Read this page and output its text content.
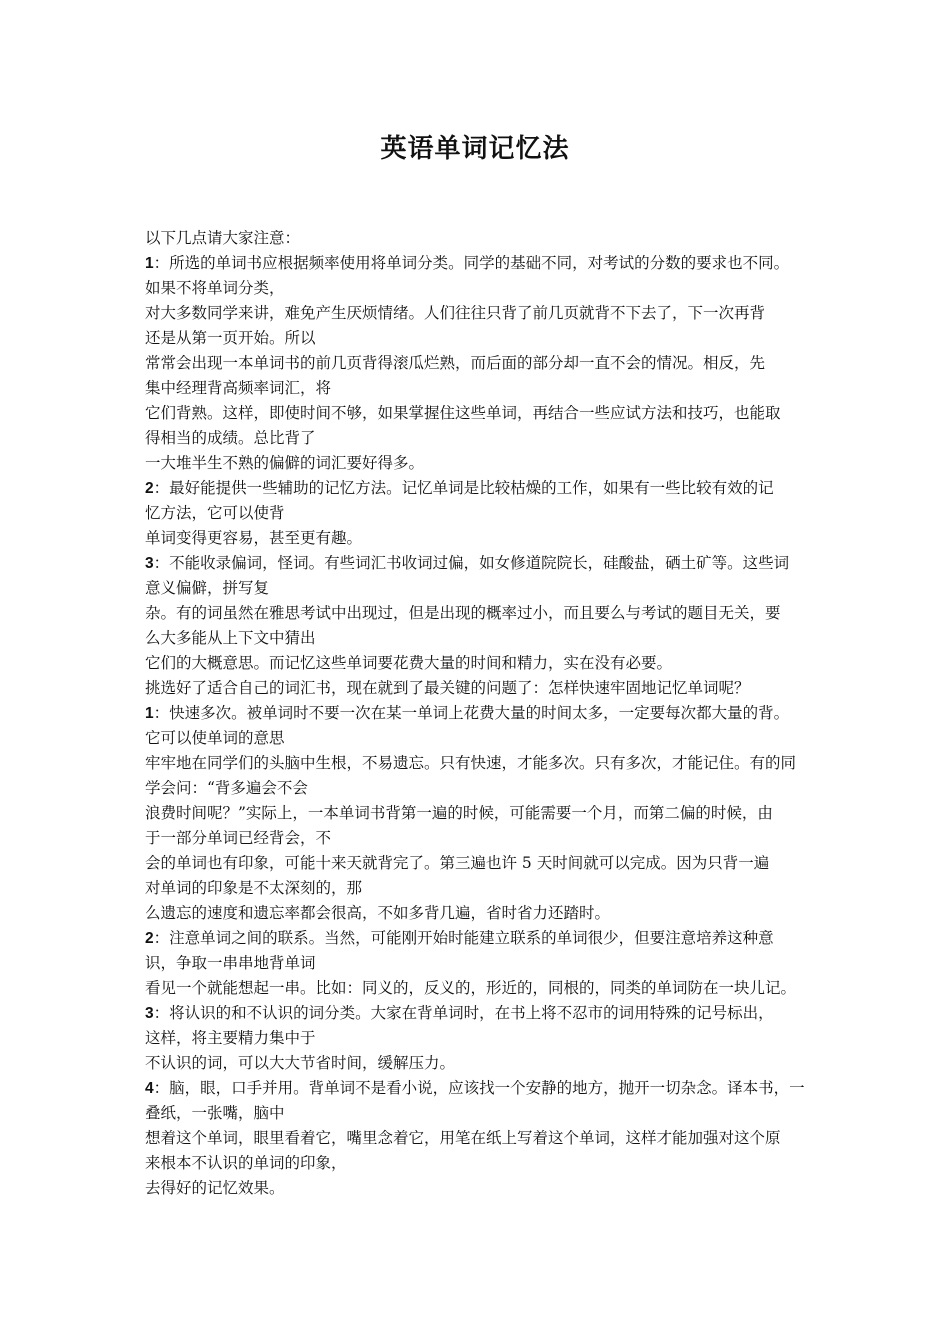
英语单词记忆法
以下几点请大家注意：
1：所选的单词书应根据频率使用将单词分类。同学的基础不同，对考试的分数的要求也不同。
如果不将单词分类，
对大多数同学来讲，难免产生厌烦情绪。人们往往只背了前几页就背不下去了，下一次再背
还是从第一页开始。所以
常常会出现一本单词书的前几页背得滚瓜烂熟，而后面的部分却一直不会的情况。相反，先
集中经理背高频率词汇，将
它们背熟。这样，即使时间不够，如果掌握住这些单词，再结合一些应试方法和技巧，也能取
得相当的成绩。总比背了
一大堆半生不熟的偏僻的词汇要好得多。
2：最好能提供一些辅助的记忆方法。记忆单词是比较枯燥的工作，如果有一些比较有效的记
忆方法，它可以使背
单词变得更容易，甚至更有趣。
3：不能收录偏词，怪词。有些词汇书收词过偏，如女修道院院长，硅酸盐，硒土矿等。这些词
意义偏僻，拼写复
杂。有的词虽然在雅思考试中出现过，但是出现的概率过小，而且要么与考试的题目无关，要
么大多能从上下文中猜出
它们的大概意思。而记忆这些单词要花费大量的时间和精力，实在没有必要。
挑选好了适合自己的词汇书，现在就到了最关键的问题了：怎样快速牢固地记忆单词呢？
1：快速多次。被单词时不要一次在某一单词上花费大量的时间太多，一定要每次都大量的背。
它可以使单词的意思
牢牢地在同学们的头脑中生根，不易遗忘。只有快速，才能多次。只有多次，才能记住。有的同
学会问：“背多遍会不会
浪费时间呢？”实际上，一本单词书背第一遍的时候，可能需要一个月，而第二偏的时候，由
于一部分单词已经背会，不
会的单词也有印象，可能十来天就背完了。第三遍也许 5 天时间就可以完成。因为只背一遍
对单词的印象是不太深刻的，那
么遗忘的速度和遗忘率都会很高，不如多背几遍，省时省力还踏时。
2：注意单词之间的联系。当然，可能刚开始时能建立联系的单词很少，但要注意培养这种意
识，争取一串串地背单词
看见一个就能想起一串。比如：同义的，反义的，形近的，同根的，同类的单词防在一块儿记。
3：将认识的和不认识的词分类。大家在背单词时，在书上将不忍市的词用特殊的记号标出，
这样，将主要精力集中于
不认识的词，可以大大节省时间，缓解压力。
4：脑，眼，口手并用。背单词不是看小说，应该找一个安静的地方，抛开一切杂念。译本书，一
叠纸，一张嘴，脑中
想着这个单词，眼里看着它，嘴里念着它，用笔在纸上写着这个单词，这样才能加强对这个原
来根本不认识的单词的印象，
去得好的记忆效果。
